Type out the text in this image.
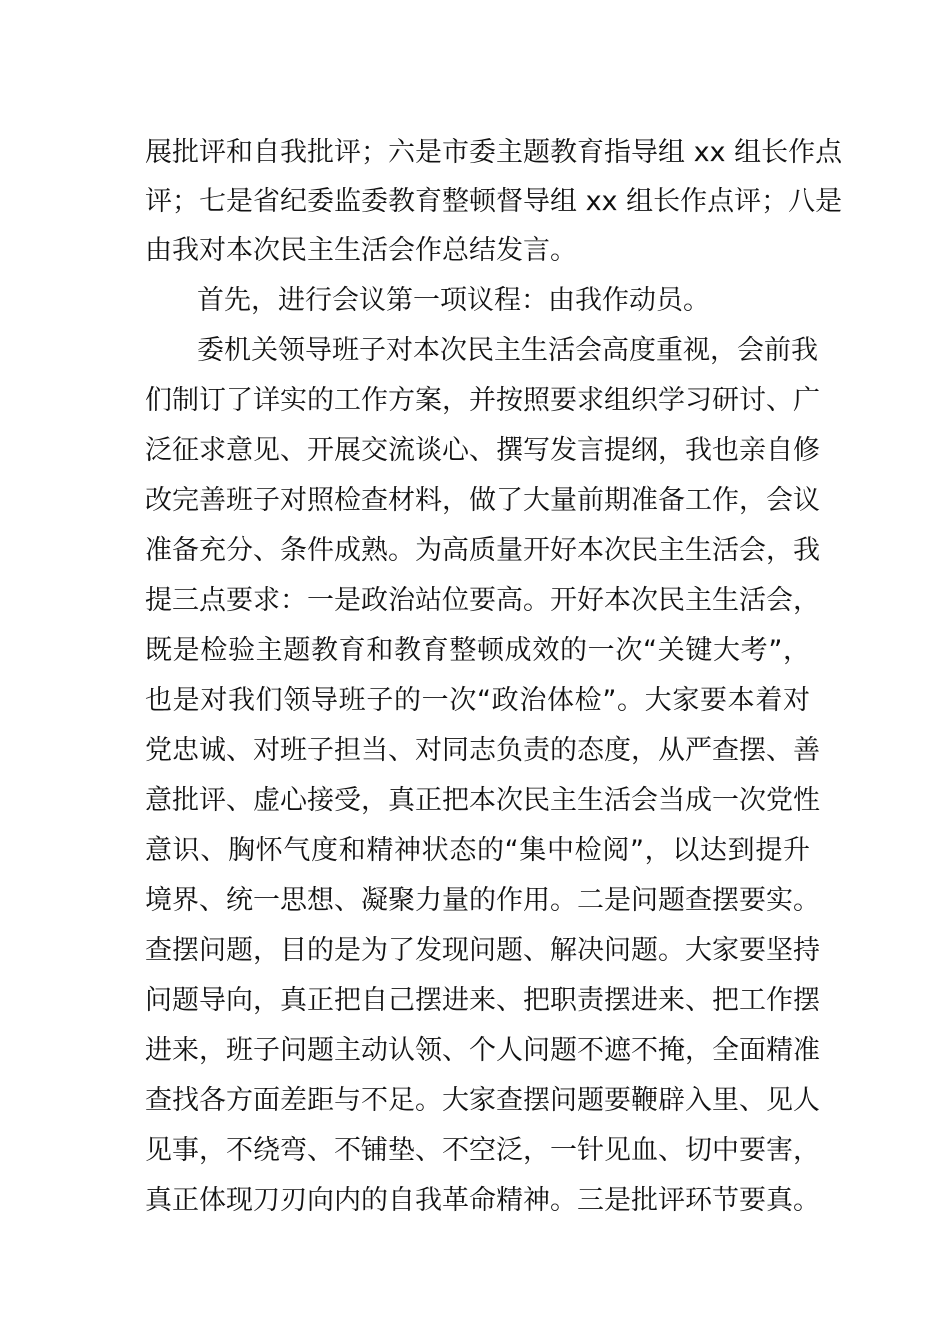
展批评和自我批评；六是市委主题教育指导组 xx 组长作点
评；七是省纪委监委教育整顿督导组 xx 组长作点评；八是
由我对本次民主生活会作总结发言。
首先，进行会议第一项议程：由我作动员。
委机关领导班子对本次民主生活会高度重视，会前我
们制订了详实的工作方案，并按照要求组织学习研讨、广
泛征求意见、开展交流谈心、撰写发言提纲，我也亲自修
改完善班子对照检查材料，做了大量前期准备工作，会议
准备充分、条件成熟。为高质量开好本次民主生活会，我
提三点要求：一是政治站位要高。开好本次民主生活会，
既是检验主题教育和教育整顿成效的一次“关键大考”，
也是对我们领导班子的一次“政治体检”。大家要本着对
党忠诚、对班子担当、对同志负责的态度，从严查摆、善
意批评、虚心接受，真正把本次民主生活会当成一次党性
意识、胸怀气度和精神状态的“集中检阅”，以达到提升
境界、统一思想、凝聚力量的作用。二是问题查摆要实。
查摆问题，目的是为了发现问题、解决问题。大家要坚持
问题导向，真正把自己摆进来、把职责摆进来、把工作摆
进来，班子问题主动认领、个人问题不遮不掩，全面精准
查找各方面差距与不足。大家查摆问题要鞭辟入里、见人
见事，不绕弯、不铺垫、不空泛，一针见血、切中要害，
真正体现刀刃向内的自我革命精神。三是批评环节要真。
